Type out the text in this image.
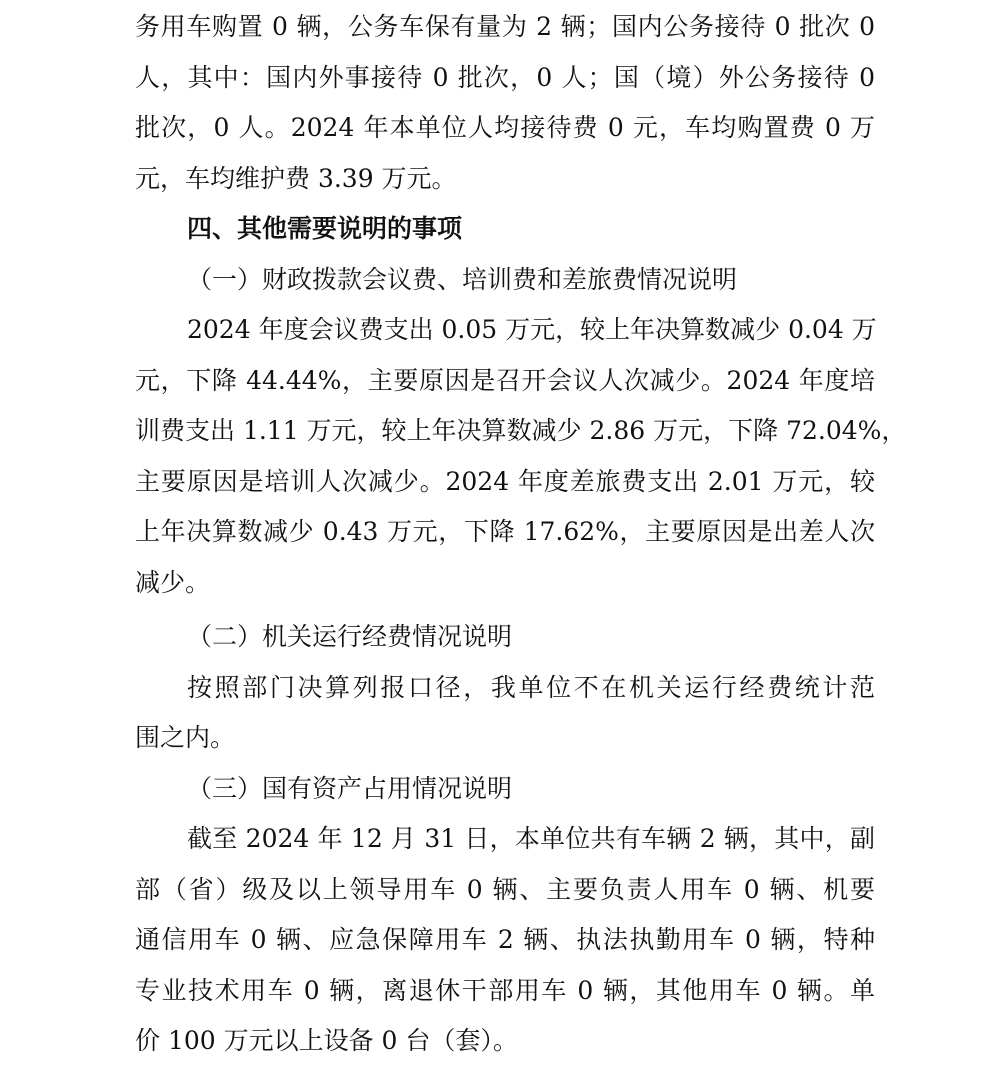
务用车购置 0 辆，公务车保有量为 2 辆；国内公务接待 0 批次 0
人，其中：国内外事接待 0 批次，0 人；国（境）外公务接待 0
批次，0 人。2024 年本单位人均接待费 0 元，车均购置费 0 万
元，车均维护费 3.39 万元。
四、其他需要说明的事项
（一）财政拨款会议费、培训费和差旅费情况说明
2024 年度会议费支出 0.05 万元，较上年决算数减少 0.04 万
元，下降 44.44%，主要原因是召开会议人次减少。2024 年度培
训费支出 1.11 万元，较上年决算数减少 2.86 万元，下降 72.04%，
主要原因是培训人次减少。2024 年度差旅费支出 2.01 万元，较
上年决算数减少 0.43 万元，下降 17.62%，主要原因是出差人次
减少。
（二）机关运行经费情况说明
按照部门决算列报口径，我单位不在机关运行经费统计范
围之内。
（三）国有资产占用情况说明
截至 2024 年 12 月 31 日，本单位共有车辆 2 辆，其中，副
部（省）级及以上领导用车 0 辆、主要负责人用车 0 辆、机要
通信用车 0 辆、应急保障用车 2 辆、执法执勤用车 0 辆，特种
专业技术用车 0 辆，离退休干部用车 0 辆，其他用车 0 辆。单
价 100 万元以上设备 0 台（套）。
